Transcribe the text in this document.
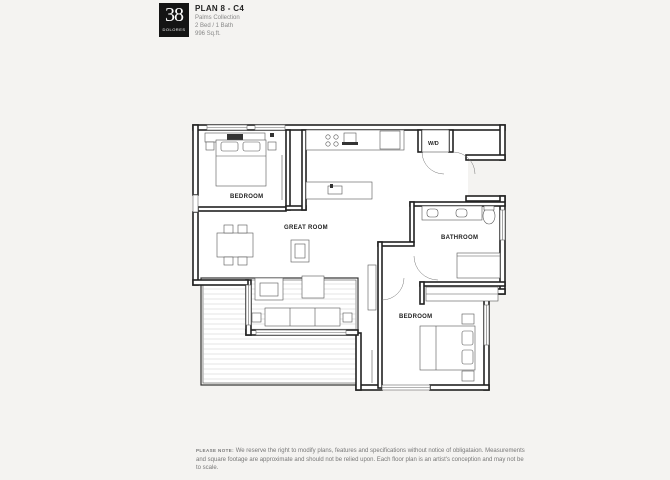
38
DOLORES
PLAN 8 - C4
Palms Collection
2 Bed / 1 Bath
996 Sq.ft.
BEDROOM
W/D
GREAT ROOM
BATHROOM
BEDROOM
PLEASE NOTE: We reserve the right to modify plans, features and specifications without notice of obligataion. Measurements and square footage are approximate and should not be relied upon. Each floor plan is an artist's conception and may not be to scale.
